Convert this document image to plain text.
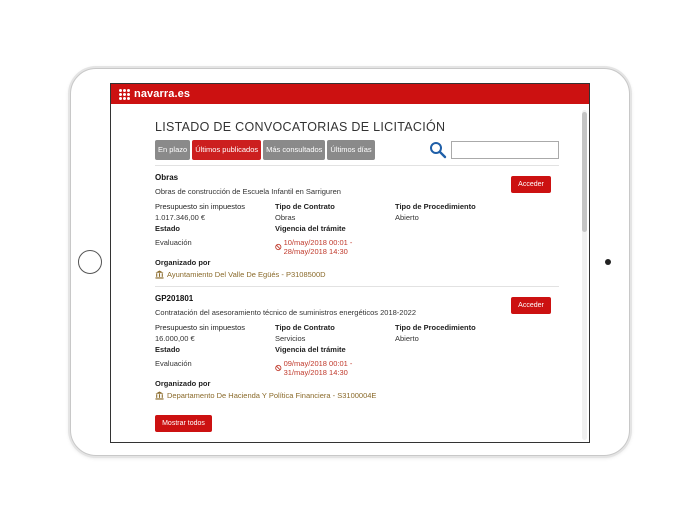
navarra.es
LISTADO DE CONVOCATORIAS DE LICITACIÓN
En plazo	Últimos publicados	Más consultados	Últimos días
Obras
Obras de construcción de Escuela Infantil en Sarriguren
Acceder
Presupuesto sin impuestos	Tipo de Contrato	Tipo de Procedimiento
1.017.346,00 €	Obras	Abierto
Estado	Vigencia del trámite
Evaluación	10/may/2018 00:01 - 28/may/2018 14:30
Organizado por
Ayuntamiento Del Valle De Egüés - P3108500D
GP201801
Contratación del asesoramiento técnico de suministros energéticos 2018-2022
Acceder
Presupuesto sin impuestos	Tipo de Contrato	Tipo de Procedimiento
16.000,00 €	Servicios	Abierto
Estado	Vigencia del trámite
Evaluación	09/may/2018 00:01 - 31/may/2018 14:30
Organizado por
Departamento De Hacienda Y Política Financiera - S3100004E
Mostrar todos
